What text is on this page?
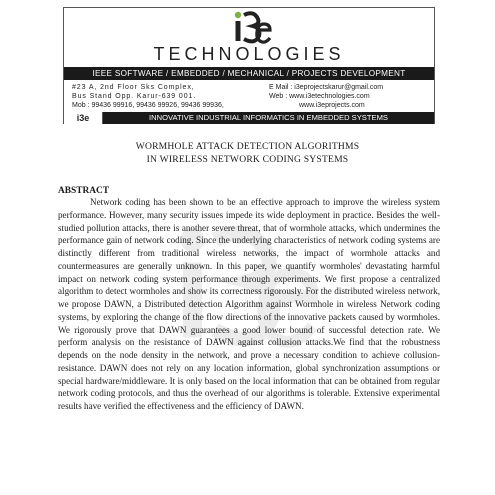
TECHNOLOGIES
IEEE SOFTWARE / EMBEDDED / MECHANICAL / PROJECTS DEVELOPMENT
#23 A, 2nd Floor Sks Complex,
Bus Stand Opp. Karur-639 001.
Mob : 99436 99916, 99436 99926, 99436 99936,
E Mail : i3eprojectskarur@gmail.com
Web : www.i3etechnologies.com
www.i3eprojects.com
i3e	INNOVATIVE INDUSTRIAL INFORMATICS IN EMBEDDED SYSTEMS
WORMHOLE ATTACK DETECTION ALGORITHMS
IN WIRELESS NETWORK CODING SYSTEMS
ABSTRACT

Network coding has been shown to be an effective approach to improve the wireless system performance. However, many security issues impede its wide deployment in practice. Besides the well-studied pollution attacks, there is another severe threat, that of wormhole attacks, which undermines the performance gain of network coding. Since the underlying characteristics of network coding systems are distinctly different from traditional wireless networks, the impact of wormhole attacks and countermeasures are generally unknown. In this paper, we quantify wormholes' devastating harmful impact on network coding system performance through experiments. We first propose a centralized algorithm to detect wormholes and show its correctness rigorously. For the distributed wireless network, we propose DAWN, a Distributed detection Algorithm against Wormhole in wireless Network coding systems, by exploring the change of the flow directions of the innovative packets caused by wormholes. We rigorously prove that DAWN guarantees a good lower bound of successful detection rate. We perform analysis on the resistance of DAWN against collusion attacks.We find that the robustness depends on the node density in the network, and prove a necessary condition to achieve collusion-resistance. DAWN does not rely on any location information, global synchronization assumptions or special hardware/middleware. It is only based on the local information that can be obtained from regular network coding protocols, and thus the overhead of our algorithms is tolerable. Extensive experimental results have verified the effectiveness and the efficiency of DAWN.
